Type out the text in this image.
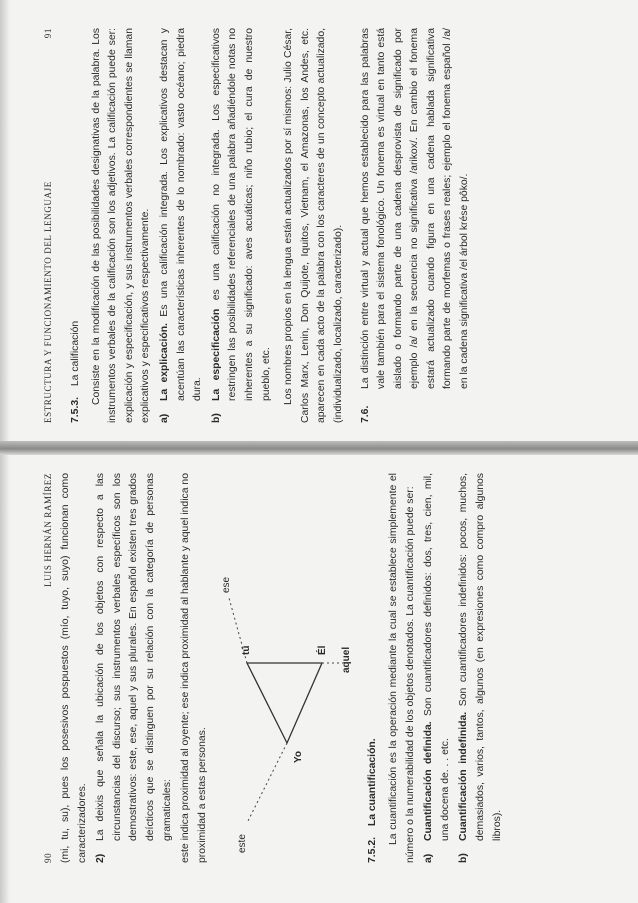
90
LUIS HERNÁN RAMÍREZ (mi, tu, su), pues los posesivos pospuestos (mío, tuyo, suyo) funcionan como caracterizadores. 2)
La deixis que señala la ubicación de los objetos con respecto a las circunstancias del discurso; sus instrumentos verbales específicos son los demostrativos: este, ese, aquel y sus plurales. En español existen tres grados deícticos que se distinguen por su relación con la categoría de personas gramaticales: este indica proximidad al oyente; ese indica proximidad al hablante y aquel indica no proximidad a estas personas.	este
ese
Yo
tú	Él	aquel
7.5.2. La cuantificación. La cuantificación es la operación mediante la cual se establece simplemente el número o la numerabilidad de los objetos denotados. La cuantificación puede ser: a)
Cuantificación definida. Son cuantificadores definidos: dos, tres, cien, mil, una docena de. . . etc.
b)
Cuantificación indefinida. Son cuantificadores indefinidos: pocos, muchos, demasiados, varios, tantos, algunos (en expresiones como compro algunos libros).
ESTRUCTURA Y FUNCIONAMIENTO DEL LENGUAJE
91
7.5.3. La calificación Consiste en la modificación de las posibilidades designativas de la palabra. Los instrumentos verbales de la calificación son los adjetivos. La calificación puede ser: explicación y especificación, y sus instrumentos verbales correspondientes se llaman explicativos y especificativos respectivamente. a)
La explicación. Es una calificación integrada. Los explicativos destacan y acentúan las características inherentes de lo nombrado: vasto océano; piedra dura.
b)
La especificación es una calificación no integrada. Los especificativos restringen las posibilidades referenciales de una palabra añadiéndole notas no inherentes a su significado: aves acuáticas; niño rubio; el cura de nuestro pueblo, etc.	Los nombres propios en la lengua están actualizados por sí mismos: Julio César, Carlos Marx, Lenin, Don Quijote, Iquitos, Vietnam, el Amazonas, los Andes, etc. aparecen en cada acto de la palabra con los caracteres de un concepto actualizado, (individualizado, localizado, caracterizado).	7.6.
La distinción entre virtual y actual que hemos establecido para las palabras vale también para el sistema fonológico. Un fonema es virtual en tanto está aislado o formando parte de una cadena desprovista de significado por ejemplo /a/ en la secuencia no significativa /arikox/. En cambio el fonema estará actualizado cuando figura en una cadena hablada significativa formando parte de morfemas o frases reales; ejemplo el fonema español /a/ en la cadena significativa /el árbol krése pôko/.
